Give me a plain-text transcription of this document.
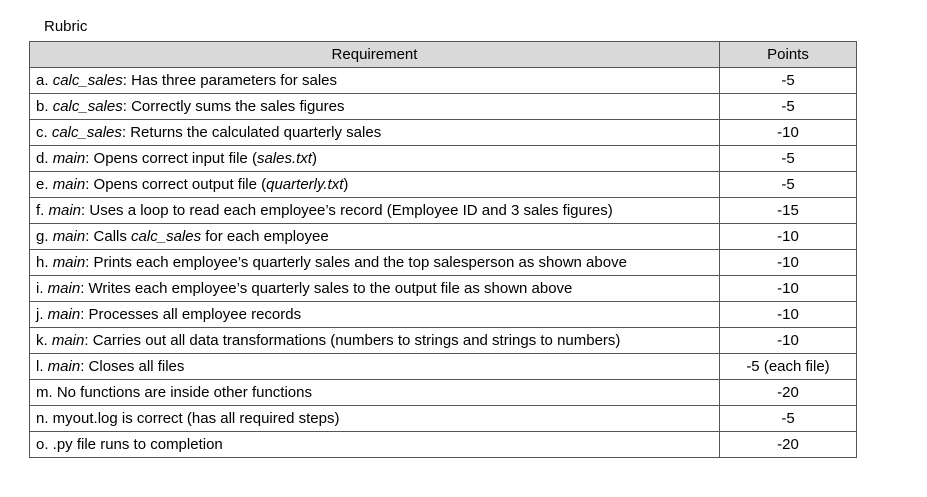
Rubric
Requirement	Points
a. calc_sales: Has three parameters for sales	-5
b. calc_sales: Correctly sums the sales figures	-5
c. calc_sales: Returns the calculated quarterly sales	-10
d. main: Opens correct input file (sales.txt)	-5
e. main: Opens correct output file (quarterly.txt)	-5
f. main: Uses a loop to read each employee’s record (Employee ID and 3 sales figures)	-15
g. main: Calls calc_sales for each employee	-10
h. main: Prints each employee’s quarterly sales and the top salesperson as shown above	-10
i. main: Writes each employee’s quarterly sales to the output file as shown above	-10
j. main: Processes all employee records	-10
k. main: Carries out all data transformations (numbers to strings and strings to numbers)	-10
l. main: Closes all files	-5 (each file)
m. No functions are inside other functions	-20
n. myout.log is correct (has all required steps)	-5
o. .py file runs to completion	-20
